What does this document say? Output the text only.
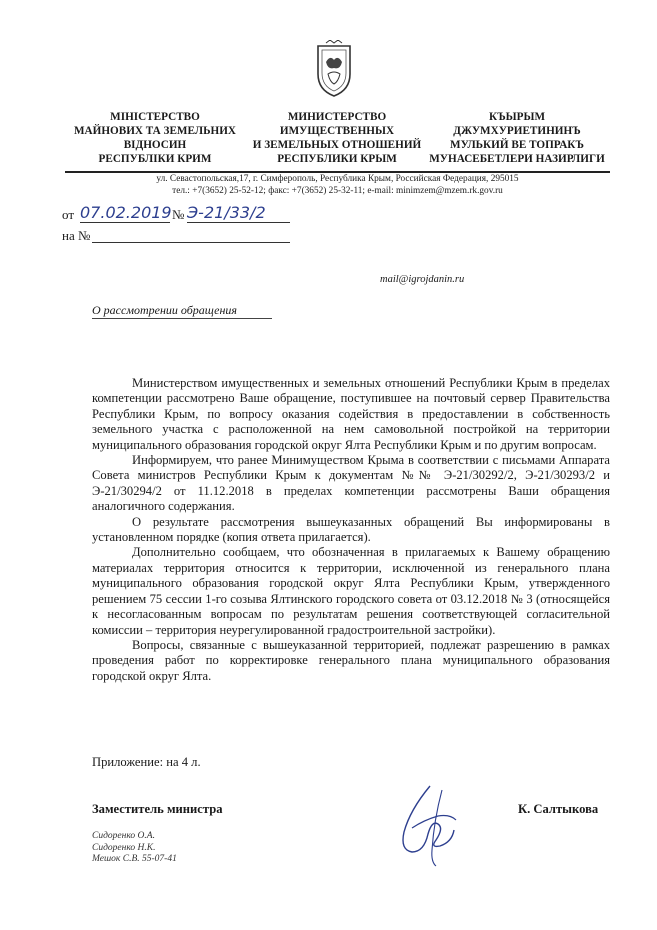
МІНІСТЕРСТВО
МАЙНОВИХ ТА ЗЕМЕЛЬНИХ
ВІДНОСИН
РЕСПУБЛІКИ КРИМ
МИНИСТЕРСТВО
ИМУЩЕСТВЕННЫХ
И ЗЕМЕЛЬНЫХ ОТНОШЕНИЙ
РЕСПУБЛИКИ КРЫМ
КЪЫРЫМ
ДЖУМХУРИЕТИНИНЪ
МУЛЬКИЙ ВЕ ТОПРАКЪ
МУНАСЕБЕТЛЕРИ НАЗИРЛИГИ
ул. Севастопольская,17, г. Симферополь, Республика Крым, Российская Федерация, 295015
тел.: +7(3652) 25-52-12; факс: +7(3652) 25-32-11; e-mail: minimzem@mzem.rk.gov.ru
от 07.02.2019 № Э-21/33/2
на №
mail@igrojdanin.ru
О рассмотрении обращения

Министерством имущественных и земельных отношений Республики Крым в пределах компетенции рассмотрено Ваше обращение, поступившее на почтовый сервер Правительства Республики Крым, по вопросу оказания содействия в предоставлении в собственность земельного участка с расположенной на нем самовольной постройкой на территории муниципального образования городской округ Ялта Республики Крым и по другим вопросам.

Информируем, что ранее Минимуществом Крыма в соответствии с письмами Аппарата Совета министров Республики Крым к документам №№ Э-21/30292/2, Э-21/30293/2 и Э-21/30294/2 от 11.12.2018 в пределах компетенции рассмотрены Ваши обращения аналогичного содержания.

О результате рассмотрения вышеуказанных обращений Вы информированы в установленном порядке (копия ответа прилагается).

Дополнительно сообщаем, что обозначенная в прилагаемых к Вашему обращению материалах территория относится к территории, исключенной из генерального плана муниципального образования городской округ Ялта Республики Крым, утвержденного решением 75 сессии 1-го созыва Ялтинского городского совета от 03.12.2018 № 3 (относящейся к несогласованным вопросам по результатам решения соответствующей согласительной комиссии – территория неурегулированной градостроительной застройки).

Вопросы, связанные с вышеуказанной территорией, подлежат разрешению в рамках проведения работ по корректировке генерального плана муниципального образования городской округ Ялта.

Приложение: на 4 л.
Заместитель министра	К. Салтыкова
Сидоренко О.А.
Сидоренко Н.К.
Мешок С.В. 55-07-41
